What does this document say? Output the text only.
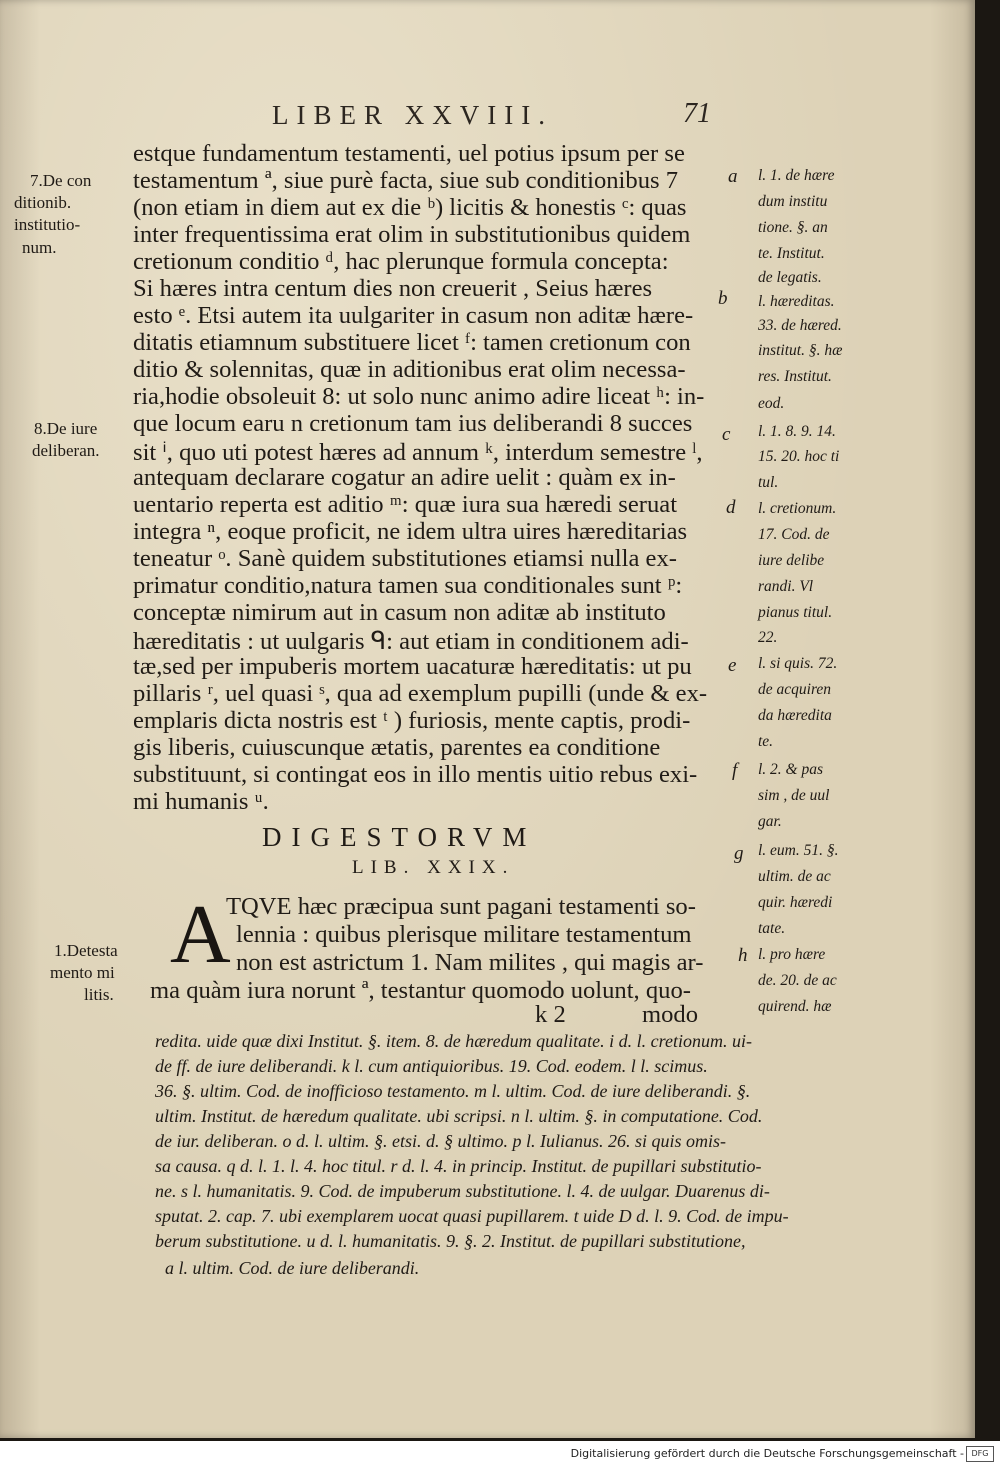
LIBER XXVIII.	71
7.De con
ditionib.
institutio-
num.
8.De iure
deliberan.
1.Detesta
mento mi
litis.
estque fundamentum testamenti, uel potius ipsum per se
testamentum ª, siue purè facta, siue sub conditionibus 7
(non etiam in diem aut ex die ᵇ) licitis & honestis ᶜ: quas
inter frequentissima erat olim in substitutionibus quidem
cretionum conditio ᵈ, hac plerunque formula concepta:
Si hæres intra centum dies non creuerit , Seius hæres
esto ᵉ. Etsi autem ita uulgariter in casum non aditæ hære-
ditatis etiamnum substituere licet ᶠ: tamen cretionum con
ditio & solennitas, quæ in aditionibus erat olim necessa-
ria,hodie obsoleuit 8: ut solo nunc animo adire liceat ʰ: in-
que locum earu n cretionum tam ius deliberandi 8 succes
sit ⁱ, quo uti potest hæres ad annum ᵏ, interdum semestre ˡ,
antequam declarare cogatur an adire uelit : quàm ex in-
uentario reperta est aditio ᵐ: quæ iura sua hæredi seruat
integra ⁿ, eoque proficit, ne idem ultra uires hæreditarias
teneatur ᵒ. Sanè quidem substitutiones etiamsi nulla ex-
primatur conditio,natura tamen sua conditionales sunt ᵖ:
conceptæ nimirum aut in casum non aditæ ab instituto
hæreditatis : ut uulgaris ᑫ: aut etiam in conditionem adi-
tæ,sed per impuberis mortem uacaturæ hæreditatis: ut pu
pillaris ʳ, uel quasi ˢ, qua ad exemplum pupilli (unde & ex-
emplaris dicta nostris est ᵗ ) furiosis, mente captis, prodi-
gis liberis, cuiuscunque ætatis, parentes ea conditione
substituunt, si contingat eos in illo mentis uitio rebus exi-
mi humanis ᵘ.
a
b
c
d
e
f
g
h
l. 1. de hære
dum institu
tione. §. an
te. Institut.
de legatis.
l. hæreditas.
33. de hæred.
institut. §. hæ
res. Institut.
eod.
l. 1. 8. 9. 14.
15. 20. hoc ti
tul.
l. cretionum.
17. Cod. de
iure delibe
randi. Vl
pianus titul.
22.
l. si quis. 72.
de acquiren
da hæredita
te.
l. 2. & pas
sim , de uul
gar.
l. eum. 51. §.
ultim. de ac
quir. hæredi
tate.
l. pro hære
de. 20. de ac
quirend. hæ
DIGESTORVM
LIB. XXIX.
A
TQVE hæc præcipua sunt pagani testamenti so-
lennia : quibus plerisque militare testamentum
non est astrictum 1. Nam milites , qui magis ar-
ma quàm iura norunt ª, testantur quomodo uolunt, quo-
k 2	modo
redita. uide quæ dixi Institut. §. item. 8. de hæredum qualitate. i d. l. cretionum. ui-
de ff. de iure deliberandi. k l. cum antiquioribus. 19. Cod. eodem. l l. scimus.
36. §. ultim. Cod. de inofficioso testamento. m l. ultim. Cod. de iure deliberandi. §.
ultim. Institut. de hæredum qualitate. ubi scripsi. n l. ultim. §. in computatione. Cod.
de iur. deliberan. o d. l. ultim. §. etsi. d. § ultimo. p l. Iulianus. 26. si quis omis-
sa causa. q d. l. 1. l. 4. hoc titul. r d. l. 4. in princip. Institut. de pupillari substitutio-
ne. s l. humanitatis. 9. Cod. de impuberum substitutione. l. 4. de uulgar. Duarenus di-
sputat. 2. cap. 7. ubi exemplarem uocat quasi pupillarem. t uide D d. l. 9. Cod. de impu-
berum substitutione. u d. l. humanitatis. 9. §. 2. Institut. de pupillari substitutione,
a l. ultim. Cod. de iure deliberandi.
Digitalisierung gefördert durch die Deutsche Forschungsgemeinschaft - DFG
